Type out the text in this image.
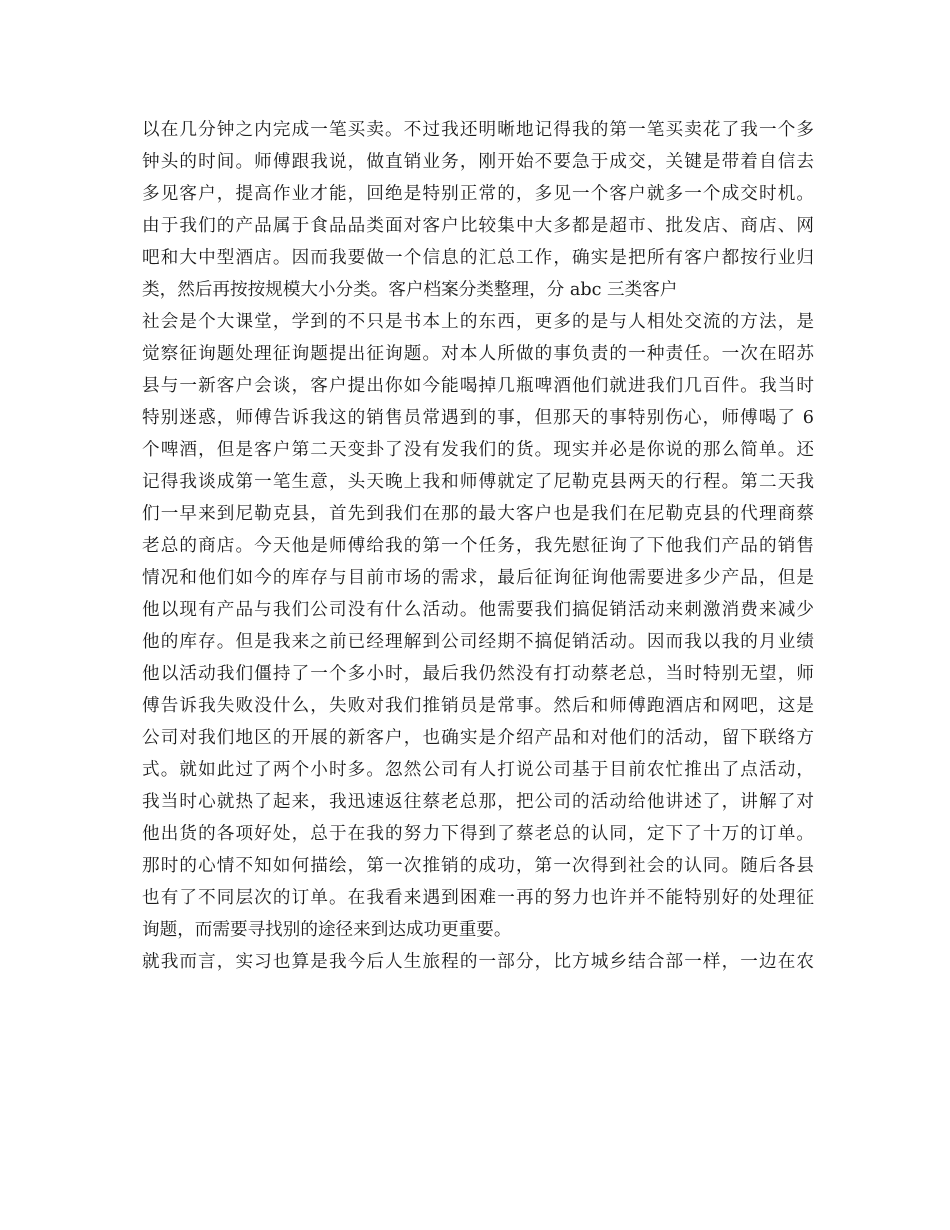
以在几分钟之内完成一笔买卖。不过我还明晰地记得我的第一笔买卖花了我一个多
钟头的时间。师傅跟我说，做直销业务，刚开始不要急于成交，关键是带着自信去
多见客户，提高作业才能，回绝是特别正常的，多见一个客户就多一个成交时机。
由于我们的产品属于食品品类面对客户比较集中大多都是超市、批发店、商店、网
吧和大中型酒店。因而我要做一个信息的汇总工作，确实是把所有客户都按行业归
类，然后再按按规模大小分类。客户档案分类整理，分 abc 三类客户
社会是个大课堂，学到的不只是书本上的东西，更多的是与人相处交流的方法，是
觉察征询题处理征询题提出征询题。对本人所做的事负责的一种责任。一次在昭苏
县与一新客户会谈，客户提出你如今能喝掉几瓶啤酒他们就进我们几百件。我当时
特别迷惑，师傅告诉我这的销售员常遇到的事，但那天的事特别伤心，师傅喝了 6
个啤酒，但是客户第二天变卦了没有发我们的货。现实并必是你说的那么简单。还
记得我谈成第一笔生意，头天晚上我和师傅就定了尼勒克县两天的行程。第二天我
们一早来到尼勒克县，首先到我们在那的最大客户也是我们在尼勒克县的代理商蔡
老总的商店。今天他是师傅给我的第一个任务，我先慰征询了下他我们产品的销售
情况和他们如今的库存与目前市场的需求，最后征询征询他需要进多少产品，但是
他以现有产品与我们公司没有什么活动。他需要我们搞促销活动来刺激消费来减少
他的库存。但是我来之前已经理解到公司经期不搞促销活动。因而我以我的月业绩
他以活动我们僵持了一个多小时，最后我仍然没有打动蔡老总，当时特别无望，师
傅告诉我失败没什么，失败对我们推销员是常事。然后和师傅跑酒店和网吧，这是
公司对我们地区的开展的新客户，也确实是介绍产品和对他们的活动，留下联络方
式。就如此过了两个小时多。忽然公司有人打说公司基于目前农忙推出了点活动，
我当时心就热了起来，我迅速返往蔡老总那，把公司的活动给他讲述了，讲解了对
他出货的各项好处，总于在我的努力下得到了蔡老总的认同，定下了十万的订单。
那时的心情不知如何描绘，第一次推销的成功，第一次得到社会的认同。随后各县
也有了不同层次的订单。在我看来遇到困难一再的努力也许并不能特别好的处理征
询题，而需要寻找别的途径来到达成功更重要。
就我而言，实习也算是我今后人生旅程的一部分，比方城乡结合部一样，一边在农
